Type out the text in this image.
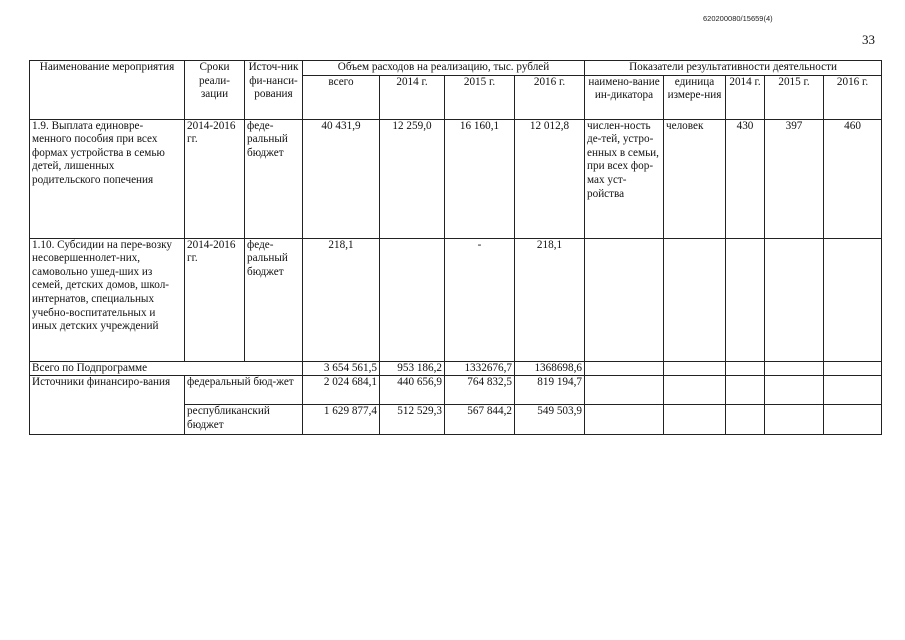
620200080/15659(4)
33
Наименование мероприятия	Сроки реали-зации	Источ-ник фи-нанси-рования	Объем расходов на реализацию, тыс. рублей				Показатели результативности деятельности				
			всего	2014 г.	2015 г.	2016 г.	наимено-вание ин-дикатора	единица измере-ния	2014 г.	2015 г.	2016 г.
1.9. Выплата единовре-менного пособия при всех формах устройства в семью детей, лишенных родительского попечения	2014-2016 гг.	феде-ральный бюджет	40 431,9	12 259,0	16 160,1	12 012,8	числен-ность де-тей, устро-енных в семьи, при всех фор-мах уст-ройства	человек	430	397	460
1.10. Субсидии на пере-возку несовершеннолет-них, самовольно ушед-ших из семей, детских домов, школ-интернатов, специальных учебно-воспитательных и иных детских учреждений	2014-2016 гг.	феде-ральный бюджет	218,1		-	218,1					
Всего по Подпрограмме			3 654 561,5	953 186,2	1332676,7	1368698,6					
Источники финансиро-вания	федеральный бюд-жет		2 024 684,1	440 656,9	764 832,5	819 194,7					
	республиканский бюджет		1 629 877,4	512 529,3	567 844,2	549 503,9					
